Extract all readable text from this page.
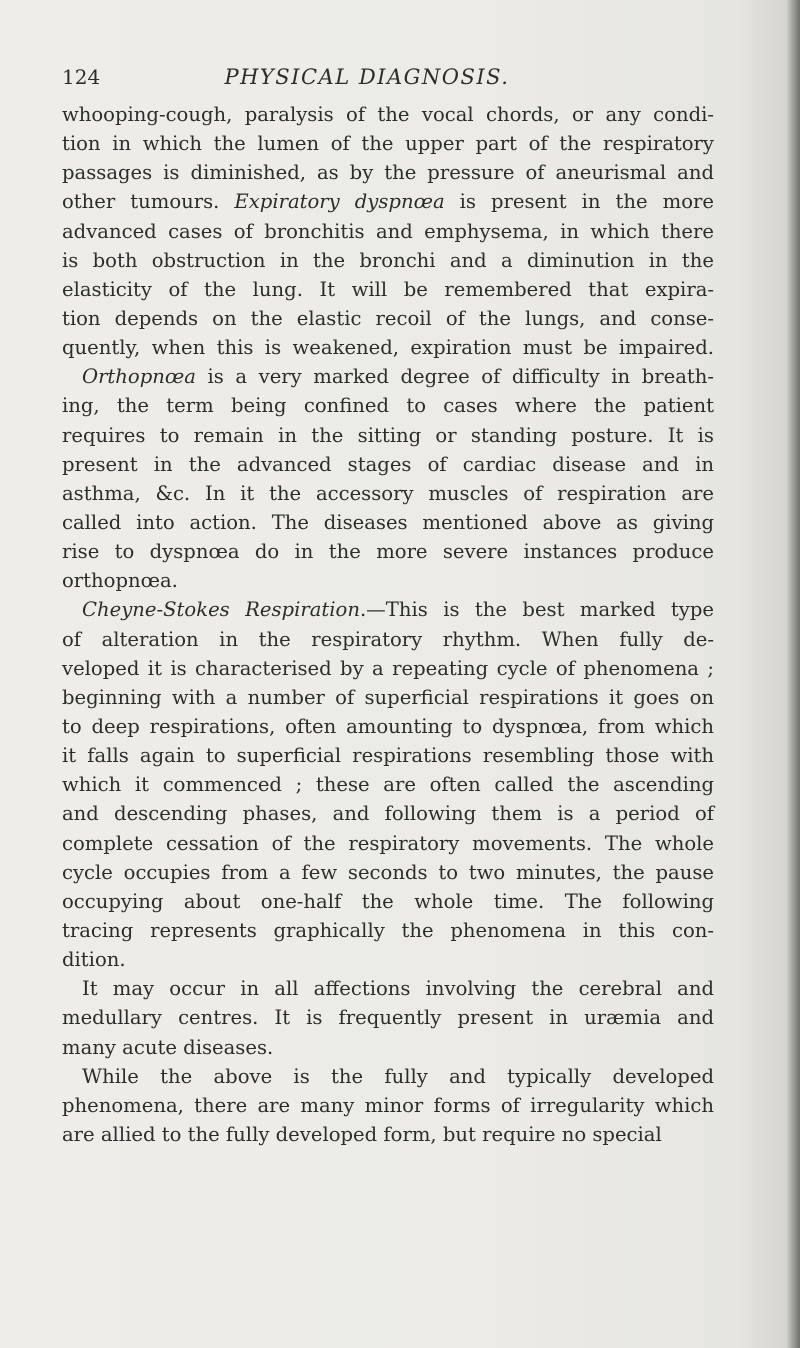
124	PHYSICAL DIAGNOSIS.
whooping-cough, paralysis of the vocal chords, or any condi-
tion in which the lumen of the upper part of the respiratory
passages is diminished, as by the pressure of aneurismal and
other tumours. Expiratory dyspnœa is present in the more
advanced cases of bronchitis and emphysema, in which there
is both obstruction in the bronchi and a diminution in the
elasticity of the lung. It will be remembered that expira-
tion depends on the elastic recoil of the lungs, and conse-
quently, when this is weakened, expiration must be impaired.
Orthopnœa is a very marked degree of difficulty in breath-
ing, the term being confined to cases where the patient
requires to remain in the sitting or standing posture. It is
present in the advanced stages of cardiac disease and in
asthma, &c. In it the accessory muscles of respiration are
called into action. The diseases mentioned above as giving
rise to dyspnœa do in the more severe instances produce
orthopnœa.
Cheyne-Stokes Respiration.—This is the best marked type
of alteration in the respiratory rhythm. When fully de-
veloped it is characterised by a repeating cycle of phenomena ;
beginning with a number of superficial respirations it goes on
to deep respirations, often amounting to dyspnœa, from which
it falls again to superficial respirations resembling those with
which it commenced ; these are often called the ascending
and descending phases, and following them is a period of
complete cessation of the respiratory movements. The whole
cycle occupies from a few seconds to two minutes, the pause
occupying about one-half the whole time. The following
tracing represents graphically the phenomena in this con-
dition.
It may occur in all affections involving the cerebral and
medullary centres. It is frequently present in uræmia and
many acute diseases.
While the above is the fully and typically developed
phenomena, there are many minor forms of irregularity which
are allied to the fully developed form, but require no special
